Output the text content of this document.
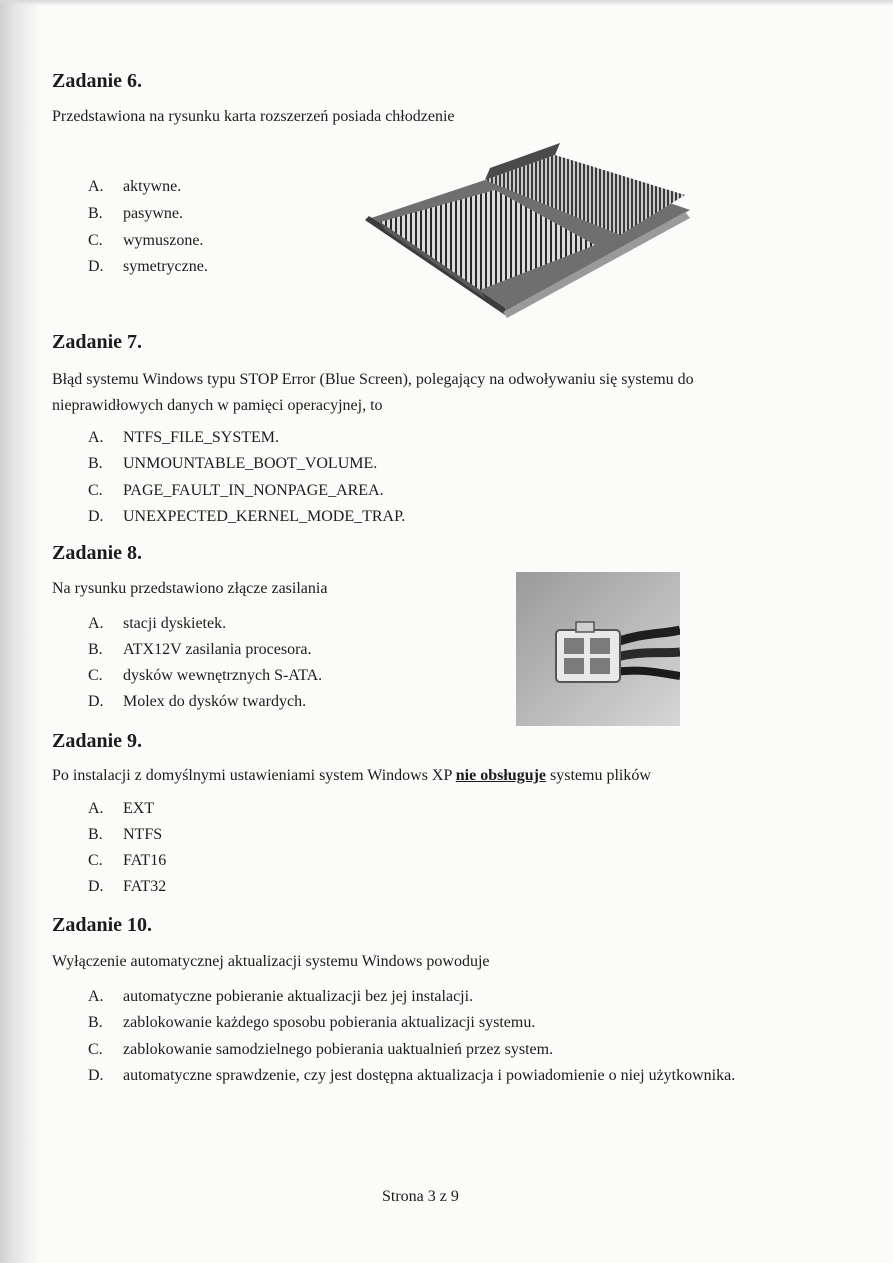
Zadanie 6.

Przedstawiona na rysunku karta rozszerzeń posiada chłodzenie

A. aktywne.
B. pasywne.
C. wymuszone.
D. symetryczne.
Zadanie 7.

Błąd systemu Windows typu STOP Error (Blue Screen), polegający na odwoływaniu się systemu do

nieprawidłowych danych w pamięci operacyjnej, to

A. NTFS_FILE_SYSTEM.
B. UNMOUNTABLE_BOOT_VOLUME.
C. PAGE_FAULT_IN_NONPAGE_AREA.
D. UNEXPECTED_KERNEL_MODE_TRAP.
Zadanie 8.

Na rysunku przedstawiono złącze zasilania

A. stacji dyskietek.
B. ATX12V zasilania procesora.
C. dysków wewnętrznych S-ATA.
D. Molex do dysków twardych.
Zadanie 9.

Po instalacji z domyślnymi ustawieniami system Windows XP nie obsługuje systemu plików

A. EXT
B. NTFS
C. FAT16
D. FAT32
Zadanie 10.

Wyłączenie automatycznej aktualizacji systemu Windows powoduje

A. automatyczne pobieranie aktualizacji bez jej instalacji.
B. zablokowanie każdego sposobu pobierania aktualizacji systemu.
C. zablokowanie samodzielnego pobierania uaktualnień przez system.
D. automatyczne sprawdzenie, czy jest dostępna aktualizacja i powiadomienie o niej użytkownika.
Strona 3 z 9
